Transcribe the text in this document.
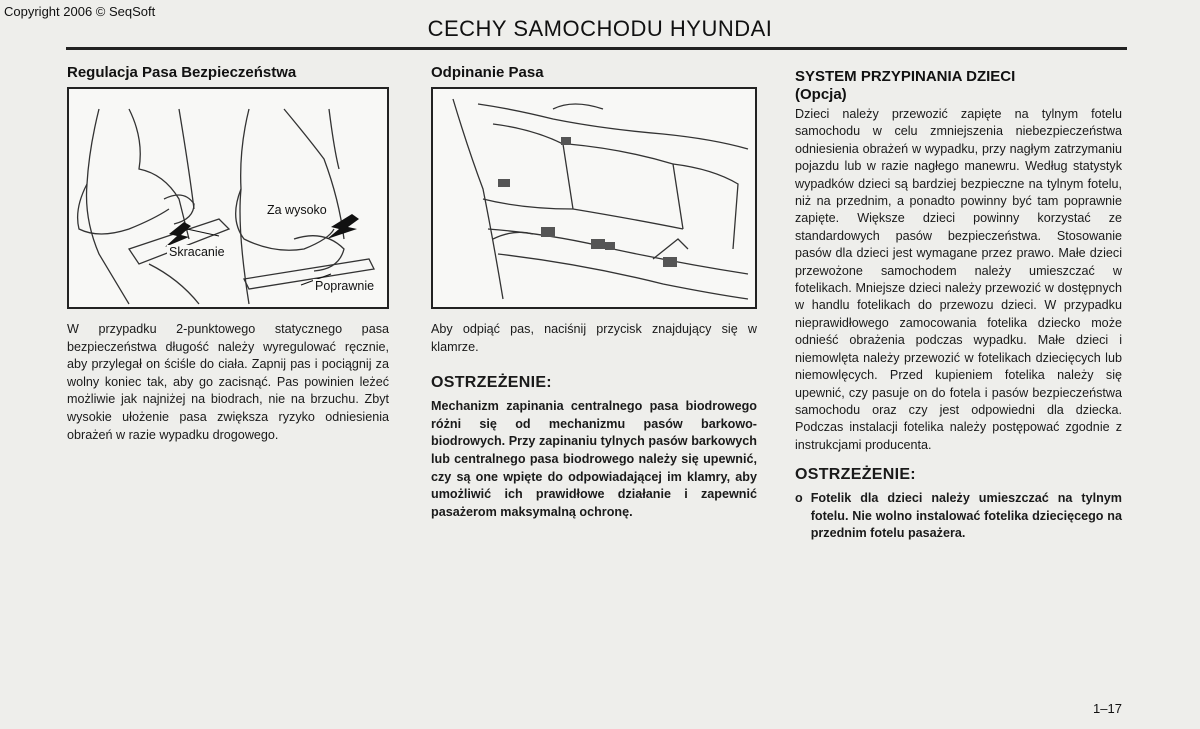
Copyright 2006 © SeqSoft
CECHY SAMOCHODU HYUNDAI
Regulacja Pasa Bezpieczeństwa
Za wysoko
Skracanie
Poprawnie

W przypadku 2-punktowego statycznego pasa bezpieczeństwa długość należy wyregulować ręcznie, aby przylegał on ściśle do ciała. Zapnij pas i pociągnij za wolny koniec tak, aby go zacisnąć. Pas powinien leżeć możliwie jak najniżej na biodrach, nie na brzuchu. Zbyt wysokie ułożenie pasa zwiększa ryzyko odniesienia obrażeń w razie wypadku drogowego.

Odpinanie Pasa

Aby odpiąć pas, naciśnij przycisk znajdujący się w klamrze.

OSTRZEŻENIE:

Mechanizm zapinania centralnego pasa biodrowego różni się od mechanizmu pasów barkowo-biodrowych. Przy zapinaniu tylnych pasów barkowych lub centralnego pasa biodrowego należy się upewnić, czy są one wpięte do odpowiadającej im klamry, aby umożliwić ich prawidłowe działanie i zapewnić pasażerom maksymalną ochronę.

SYSTEM PRZYPINANIA DZIECI
(Opcja)

Dzieci należy przewozić zapięte na tylnym fotelu samochodu w celu zmniejszenia niebezpieczeństwa odniesienia obrażeń w wypadku, przy nagłym zatrzymaniu pojazdu lub w razie nagłego manewru. Według statystyk wypadków dzieci są bardziej bezpieczne na tylnym fotelu, niż na przednim, a ponadto powinny być tam poprawnie zapięte. Większe dzieci powinny korzystać ze standardowych pasów bezpieczeństwa. Stosowanie pasów dla dzieci jest wymagane przez prawo. Małe dzieci przewożone samochodem należy umieszczać w fotelikach. Mniejsze dzieci należy przewozić w dostępnych w handlu fotelikach do przewozu dzieci. W przypadku nieprawidłowego zamocowania fotelika dziecko może odnieść obrażenia podczas wypadku. Małe dzieci i niemowlęta należy przewozić w fotelikach dziecięcych lub niemowlęcych. Przed kupieniem fotelika należy się upewnić, czy pasuje on do fotela i pasów bezpieczeństwa samochodu oraz czy jest odpowiedni dla dziecka. Podczas instalacji fotelika należy postępować zgodnie z instrukcjami producenta.

OSTRZEŻENIE:
o Fotelik dla dzieci należy umieszczać na tylnym fotelu. Nie wolno instalować fotelika dziecięcego na przednim fotelu pasażera.

1–17
